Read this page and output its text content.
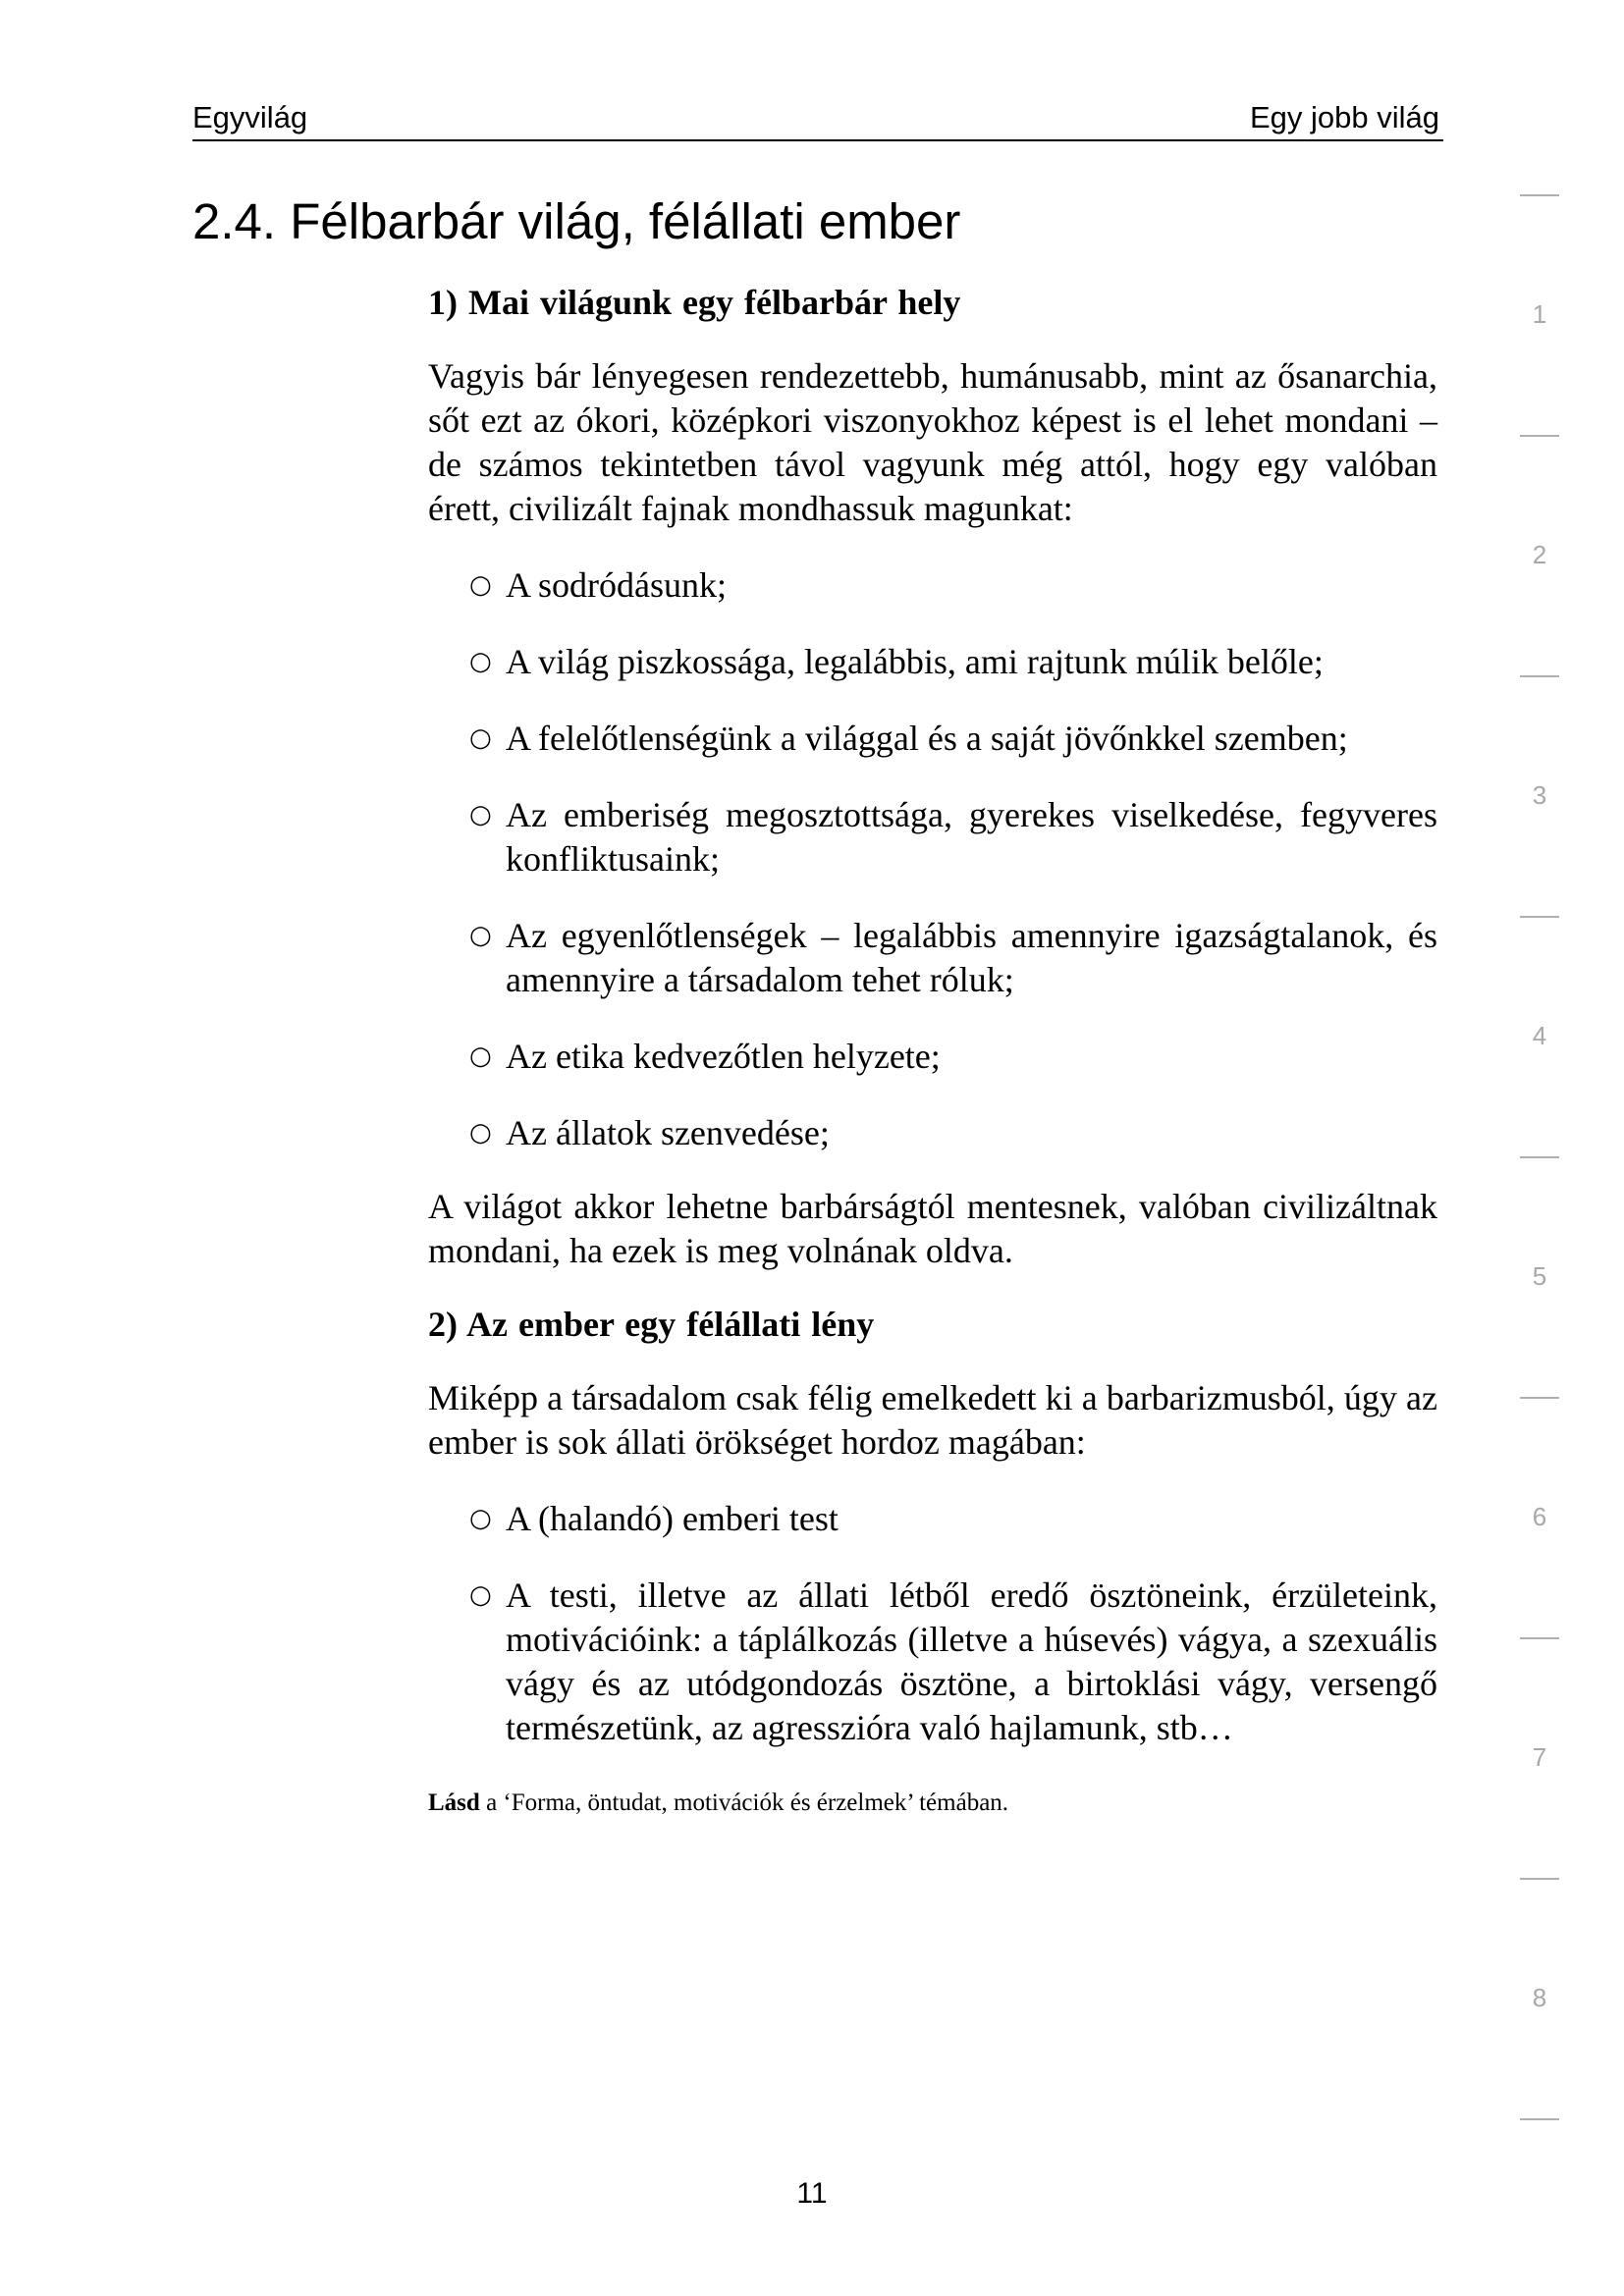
Egyvilág	Egy jobb világ
2.4. Félbarbár világ, félállati ember
1) Mai világunk egy félbarbár hely

Vagyis bár lényegesen rendezettebb, humánusabb, mint az ősanarchia, sőt ezt az ókori, középkori viszonyokhoz képest is el lehet mondani – de számos tekintetben távol vagyunk még attól, hogy egy valóban érett, civilizált fajnak mondhassuk magunkat:

○ A sodródásunk;
○ A világ piszkossága, legalábbis, ami rajtunk múlik belőle;
○ A felelőtlenségünk a világgal és a saját jövőnkkel szemben;
○ Az emberiség megosztottsága, gyerekes viselkedése, fegyveres konfliktusaink;
○ Az egyenlőtlenségek – legalábbis amennyire igazságtalanok, és amennyire a társadalom tehet róluk;
○ Az etika kedvezőtlen helyzete;
○ Az állatok szenvedése;

A világot akkor lehetne barbárságtól mentesnek, valóban civilizáltnak mondani, ha ezek is meg volnának oldva.

2) Az ember egy félállati lény

Miképp a társadalom csak félig emelkedett ki a barbarizmusból, úgy az ember is sok állati örökséget hordoz magában:

○ A (halandó) emberi test
○ A testi, illetve az állati létből eredő ösztöneink, érzületeink, motivációink: a táplálkozás (illetve a húsevés) vágya, a szexuális vágy és az utódgondozás ösztöne, a birtoklási vágy, versengő természetünk, az agresszióra való hajlamunk, stb…

Lásd a ‘Forma, öntudat, motivációk és érzelmek’ témában.

11
1
2
3
4
5
6
7
8
